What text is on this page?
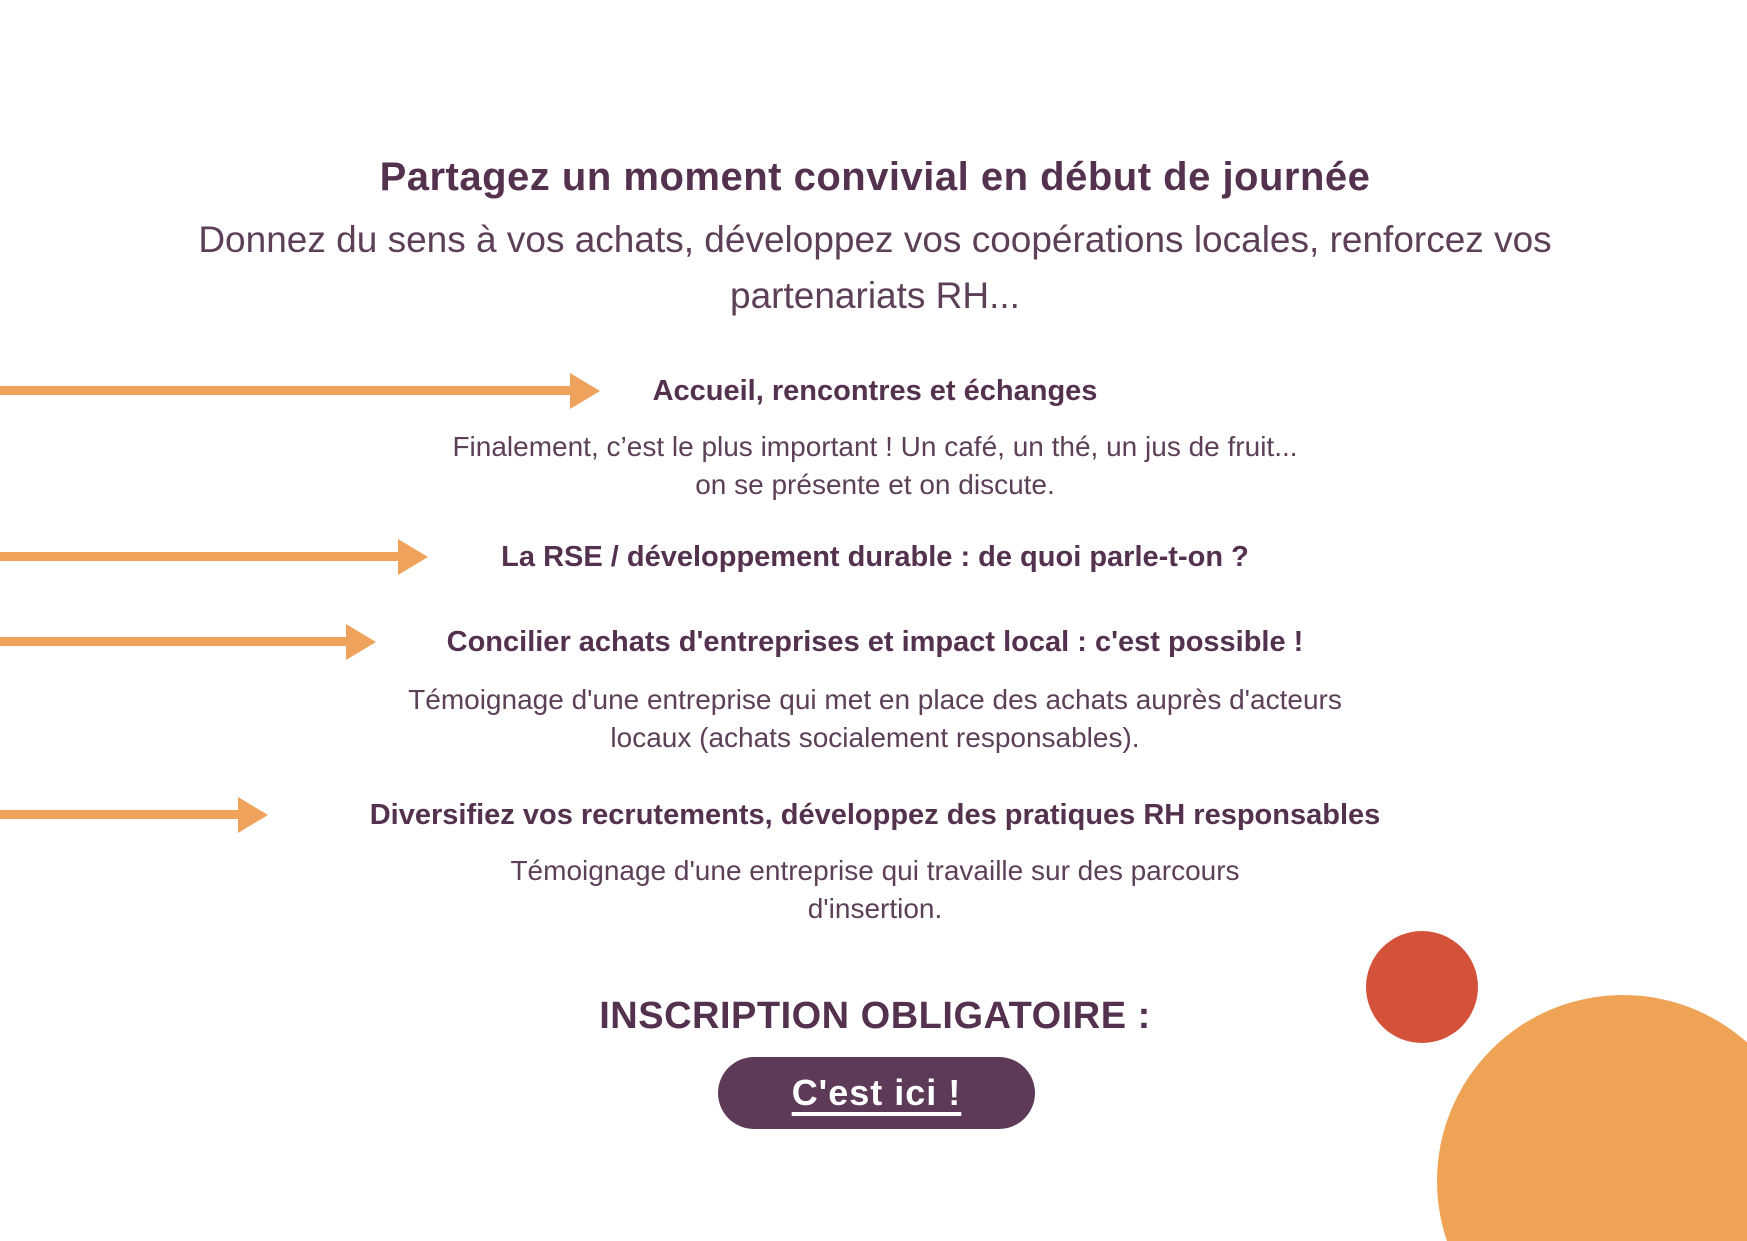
Partagez un moment convivial en début de journée

Donnez du sens à vos achats, développez vos coopérations locales, renforcez vos
partenariats RH...

Accueil, rencontres et échanges

Finalement, c’est le plus important ! Un café, un thé, un jus de fruit...
on se présente et on discute.

La RSE / développement durable : de quoi parle-t-on ?
Concilier achats d'entreprises et impact local : c'est possible !

Témoignage d'une entreprise qui met en place des achats auprès d'acteurs
locaux (achats socialement responsables).

Diversifiez vos recrutements, développez des pratiques RH responsables

Témoignage d'une entreprise qui travaille sur des parcours
d'insertion.

INSCRIPTION OBLIGATOIRE :
C'est ici !
